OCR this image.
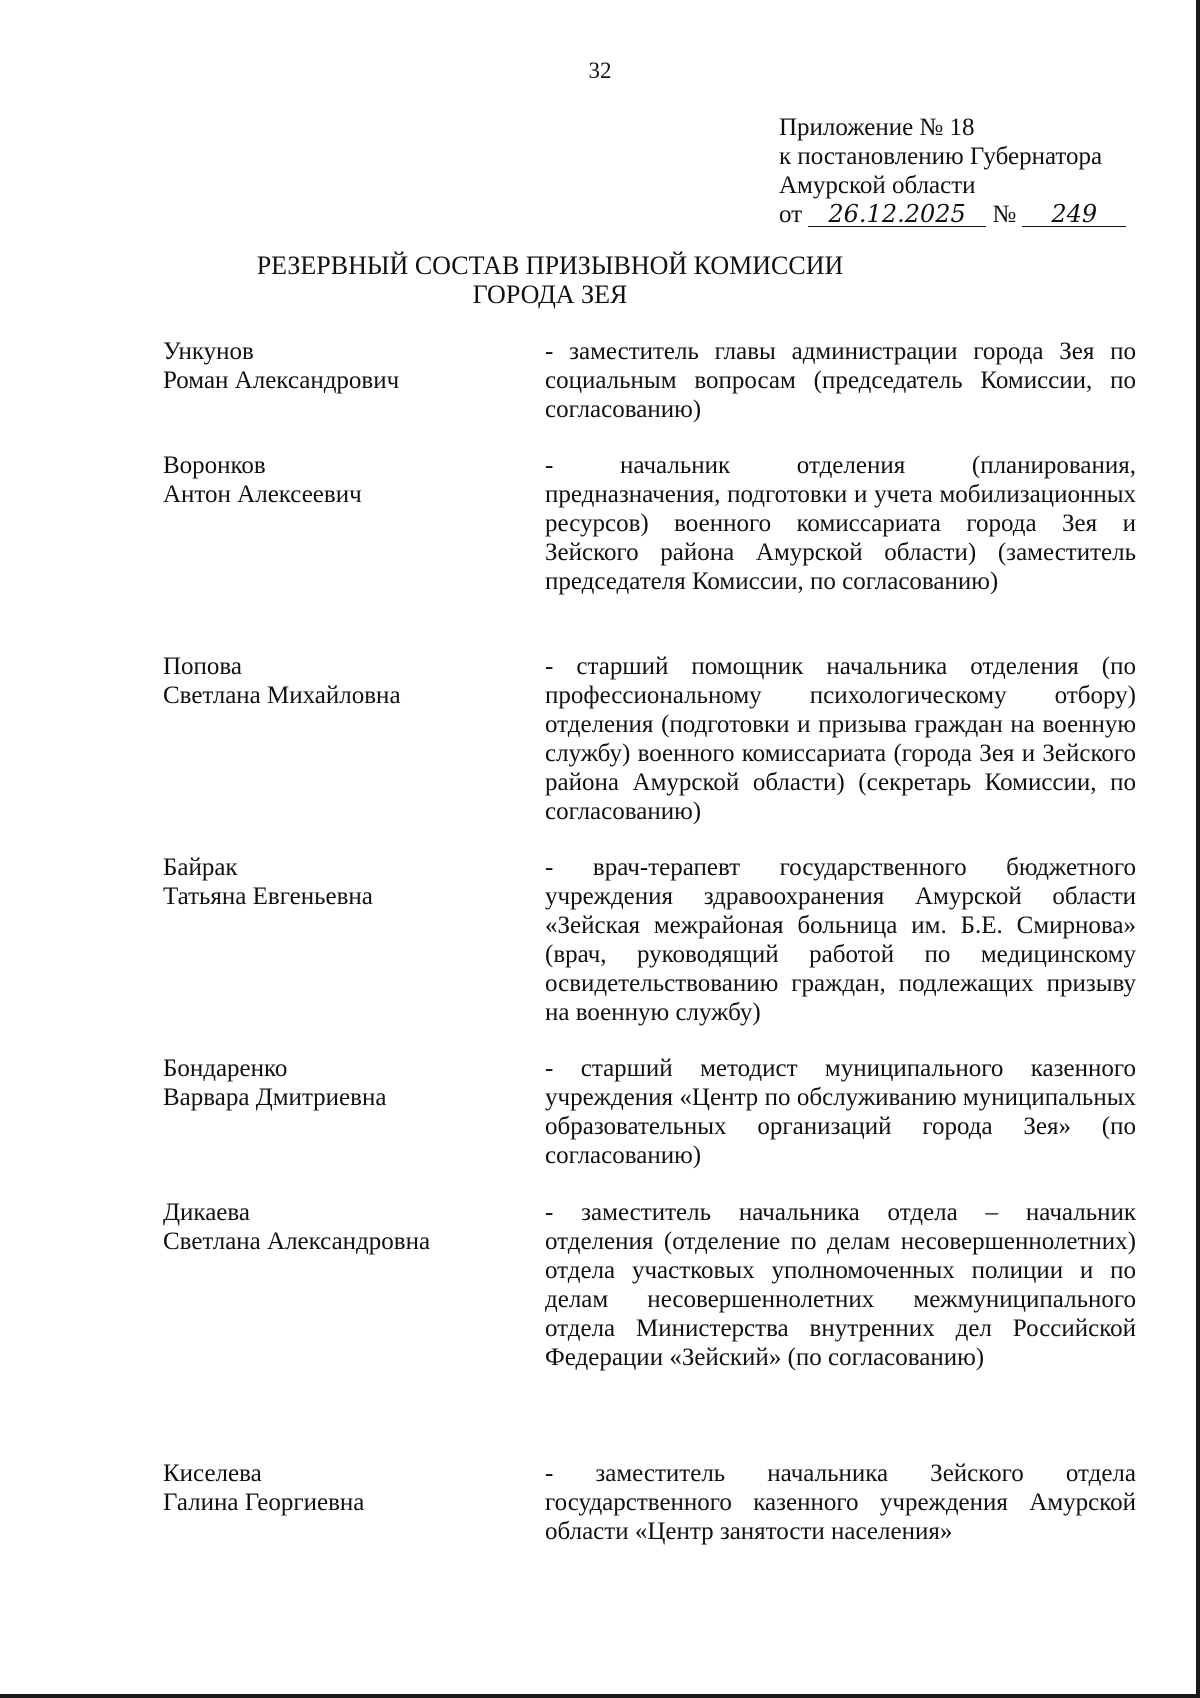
32
Приложение № 18
к постановлению Губернатора
Амурской области
от 26.12.2025 № 249
РЕЗЕРВНЫЙ СОСТАВ ПРИЗЫВНОЙ КОМИССИИ
ГОРОДА ЗЕЯ
Ункунов
Роман Александрович
- заместитель главы администрации города Зея по социальным вопросам (председатель Комиссии, по согласованию)
Воронков
Антон Алексеевич
- начальник отделения (планирования, предназначения, подготовки и учета мобилизационных ресурсов) военного комиссариата города Зея и Зейского района Амурской области) (заместитель председателя Комиссии, по согласованию)
Попова
Светлана Михайловна
- старший помощник начальника отделения (по профессиональному психологическому отбору) отделения (подготовки и призыва граждан на военную службу) военного комиссариата (города Зея и Зейского района Амурской области) (секретарь Комиссии, по согласованию)
Байрак
Татьяна Евгеньевна
- врач-терапевт государственного бюджетного учреждения здравоохранения Амурской области «Зейская межрайоная больница им. Б.Е. Смирнова» (врач, руководящий работой по медицинскому освидетельствованию граждан, подлежащих призыву на военную службу)
Бондаренко
Варвара Дмитриевна
- старший методист муниципального казенного учреждения «Центр по обслуживанию муниципальных образовательных организаций города Зея» (по согласованию)
Дикаева
Светлана Александровна
- заместитель начальника отдела – начальник отделения (отделение по делам несовершеннолетних) отдела участковых уполномоченных полиции и по делам несовершеннолетних межмуниципального отдела Министерства внутренних дел Российской Федерации «Зейский» (по согласованию)
Киселева
Галина Георгиевна
- заместитель начальника Зейского отдела государственного казенного учреждения Амурской области «Центр занятости населения»
